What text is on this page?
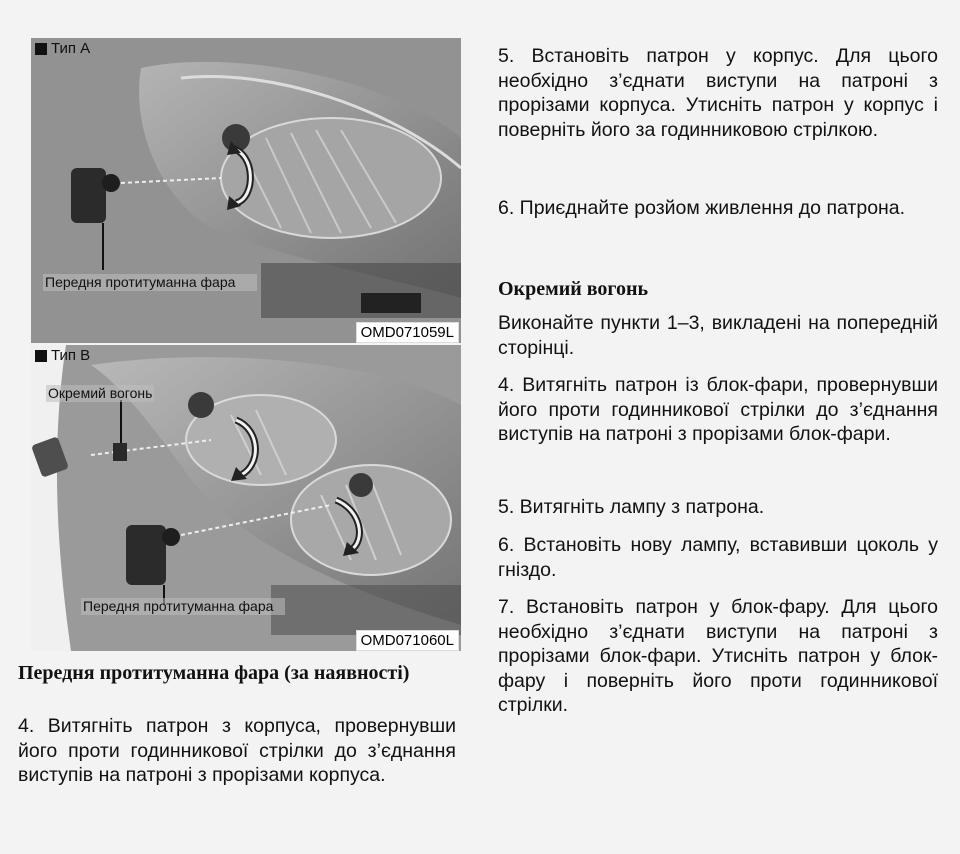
Тип А
Передня протитуманна фара
OMD071059L
Тип В
Окремий вогонь
Передня протитуманна фара
OMD071060L
Передня протитуманна фара (за наявності)
4. Витягніть патрон з корпуса, провернувши його проти годинникової стрілки до з’єднання виступів на патроні з прорізами корпуса.
5. Встановіть патрон у корпус. Для цього необхідно з’єднати виступи на патроні з прорізами корпуса. Утисніть патрон у корпус і поверніть його за годинниковою стрілкою.
6. Приєднайте розйом живлення до патрона.
Окремий вогонь
Виконайте пункти 1–3, викладені на попередній сторінці.
4. Витягніть патрон із блок-фари, провернувши його проти годинникової стрілки до з’єднання виступів на патроні з прорізами блок-фари.
5. Витягніть лампу з патрона.
6. Встановіть нову лампу, вставивши цоколь у гніздо.
7. Встановіть патрон у блок-фару. Для цього необхідно з’єднати виступи на патроні з прорізами блок-фари. Утисніть патрон у блок-фару і поверніть його проти годинникової стрілки.
